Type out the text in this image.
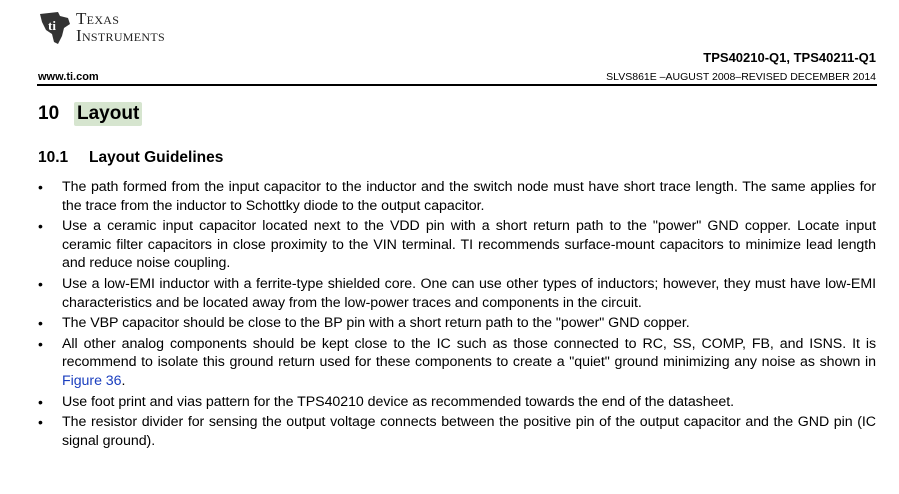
ti Texas
Instruments
TPS40210-Q1, TPS40211-Q1
www.ti.com	SLVS861E –AUGUST 2008–REVISED DECEMBER 2014
10 Layout
10.1	Layout Guidelines
•	The path formed from the input capacitor to the inductor and the switch node must have short trace length. The same applies for the trace from the inductor to Schottky diode to the output capacitor.
•	Use a ceramic input capacitor located next to the VDD pin with a short return path to the "power" GND copper. Locate input ceramic filter capacitors in close proximity to the VIN terminal. TI recommends surface-mount capacitors to minimize lead length and reduce noise coupling.
•	Use a low-EMI inductor with a ferrite-type shielded core. One can use other types of inductors; however, they must have low-EMI characteristics and be located away from the low-power traces and components in the circuit.
•	The VBP capacitor should be close to the BP pin with a short return path to the "power" GND copper.
•	All other analog components should be kept close to the IC such as those connected to RC, SS, COMP, FB, and ISNS. It is recommend to isolate this ground return used for these components to create a "quiet" ground minimizing any noise as shown in Figure 36.
•	Use foot print and vias pattern for the TPS40210 device as recommended towards the end of the datasheet.
•	The resistor divider for sensing the output voltage connects between the positive pin of the output capacitor and the GND pin (IC signal ground).
